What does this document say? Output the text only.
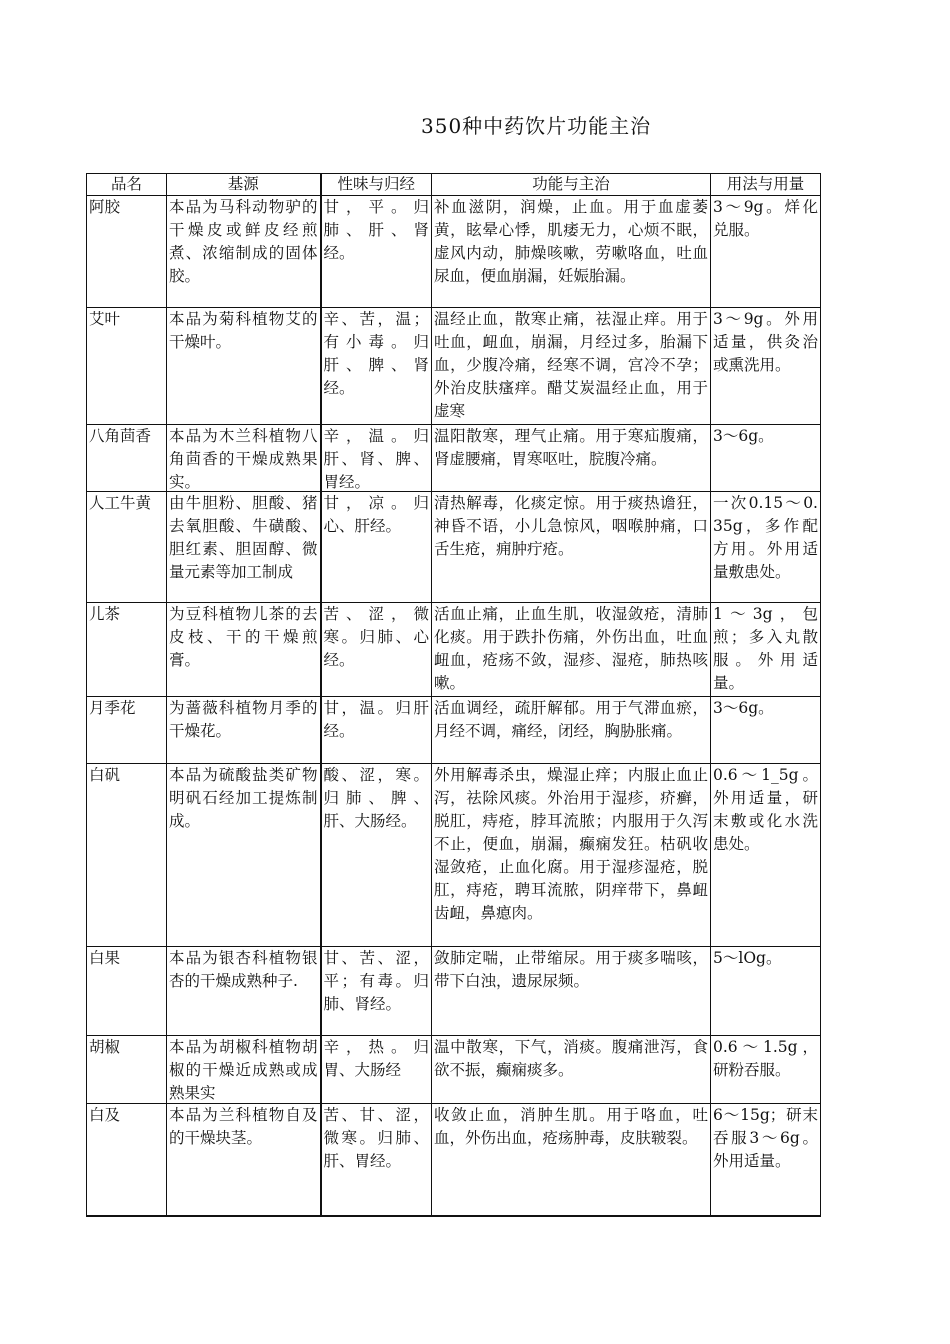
350种中药饮片功能主治
品名	基源	性味与归经	功能与主治	用法与用量

阿胶	本品为马科动物驴的干燥皮或鲜皮经煎煮、浓缩制成的固体胶。	甘，平。归肺、肝、肾经。	补血滋阴，润燥，止血。用于血虚萎黄，眩晕心悸，肌痿无力，心烦不眠，虚风内动，肺燥咳嗽，劳嗽咯血，吐血尿血，便血崩漏，妊娠胎漏。	3～9g。烊化兑服。

艾叶	本品为菊科植物艾的干燥叶。	辛、苦，温；有小毒。归肝、脾、肾经。	温经止血，散寒止痛，祛湿止痒。用于吐血，衄血，崩漏，月经过多，胎漏下血，少腹冷痛，经寒不调，宫冷不孕；外治皮肤瘙痒。醋艾炭温经止血，用于虚寒	3～9g。外用适量，供灸治或熏洗用。

八角茴香	本品为木兰科植物八角茴香的干燥成熟果实。	辛，温。归肝、肾、脾、胃经。	温阳散寒，理气止痛。用于寒疝腹痛，肾虚腰痛，胃寒呕吐，脘腹冷痛。	3～6g。

人工牛黄	由牛胆粉、胆酸、猪去氧胆酸、牛磺酸、胆红素、胆固醇、微量元素等加工制成	甘，凉。归心、肝经。	清热解毒，化痰定惊。用于痰热谵狂，神昏不语，小儿急惊风，咽喉肿痛，口舌生疮，痈肿疔疮。	一次0.15～0.35g，多作配方用。外用适量敷患处。

儿茶	为豆科植物儿茶的去皮枝、干的干燥煎膏。	苦、涩，微寒。归肺、心经。	活血止痛，止血生肌，收湿敛疮，清肺化痰。用于跌扑伤痛，外伤出血，吐血衄血，疮疡不敛，湿疹、湿疮，肺热咳嗽。	1～3g，包煎；多入丸散服。外用适量。

月季花	为蔷薇科植物月季的干燥花。	甘，温。归肝经。	活血调经，疏肝解郁。用于气滞血瘀，月经不调，痛经，闭经，胸胁胀痛。	3～6g。

白矾	本品为硫酸盐类矿物明矾石经加工提炼制成。	酸、涩，寒。归肺、脾、肝、大肠经。	外用解毒杀虫，燥湿止痒；内服止血止泻，祛除风痰。外治用于湿疹，疥癣，脱肛，痔疮，脖耳流脓；内服用于久泻不止，便血，崩漏，癫痫发狂。枯矾收湿敛疮，止血化腐。用于湿疹湿疮，脱肛，痔疮，聘耳流脓，阴痒带下，鼻衄齿衄，鼻瘜肉。	0.6～1_5g。外用适量，研末敷或化水洗患处。

白果	本品为银杏科植物银杏的干燥成熟种子.	甘、苦、涩，平；有毒。归肺、肾经。	敛肺定喘，止带缩尿。用于痰多喘咳，带下白浊，遗尿尿频。	5～lOg。

胡椒	本品为胡椒科植物胡椒的干燥近成熟或成熟果实	辛，热。归胃、大肠经	温中散寒，下气，消痰。腹痛泄泻，食欲不振，癫痫痰多。	0.6～1.5g，研粉吞服。

白及	本品为兰科植物自及的干燥块茎。	苦、甘、涩，微寒。归肺、肝、胃经。	收敛止血，消肿生肌。用于咯血，吐血，外伤出血，疮疡肿毒，皮肤皲裂。	6～15g；研末吞服3～6g。外用适量。
